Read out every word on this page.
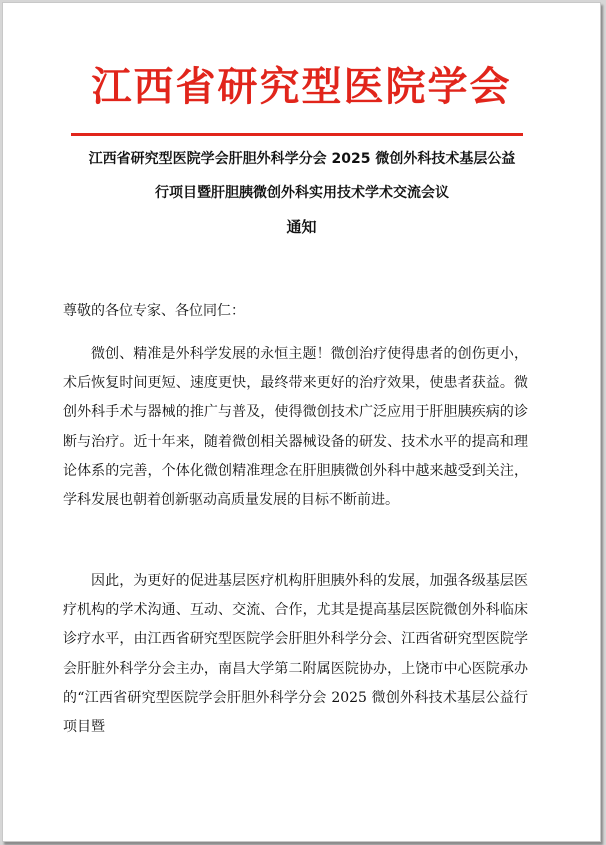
江西省研究型医院学会
江西省研究型医院学会肝胆外科学分会 2025 微创外科技术基层公益
行项目暨肝胆胰微创外科实用技术学术交流会议
通知
尊敬的各位专家、各位同仁：
微创、精准是外科学发展的永恒主题！微创治疗使得患者的创伤更小，术后恢复时间更短、速度更快，最终带来更好的治疗效果，使患者获益。微创外科手术与器械的推广与普及，使得微创技术广泛应用于肝胆胰疾病的诊断与治疗。近十年来，随着微创相关器械设备的研发、技术水平的提高和理论体系的完善，个体化微创精准理念在肝胆胰微创外科中越来越受到关注，学科发展也朝着创新驱动高质量发展的目标不断前进。
因此，为更好的促进基层医疗机构肝胆胰外科的发展，加强各级基层医疗机构的学术沟通、互动、交流、合作，尤其是提高基层医院微创外科临床诊疗水平，由江西省研究型医院学会肝胆外科学分会、江西省研究型医院学会肝脏外科学分会主办，南昌大学第二附属医院协办，上饶市中心医院承办的“江西省研究型医院学会肝胆外科学分会 2025 微创外科技术基层公益行项目暨
